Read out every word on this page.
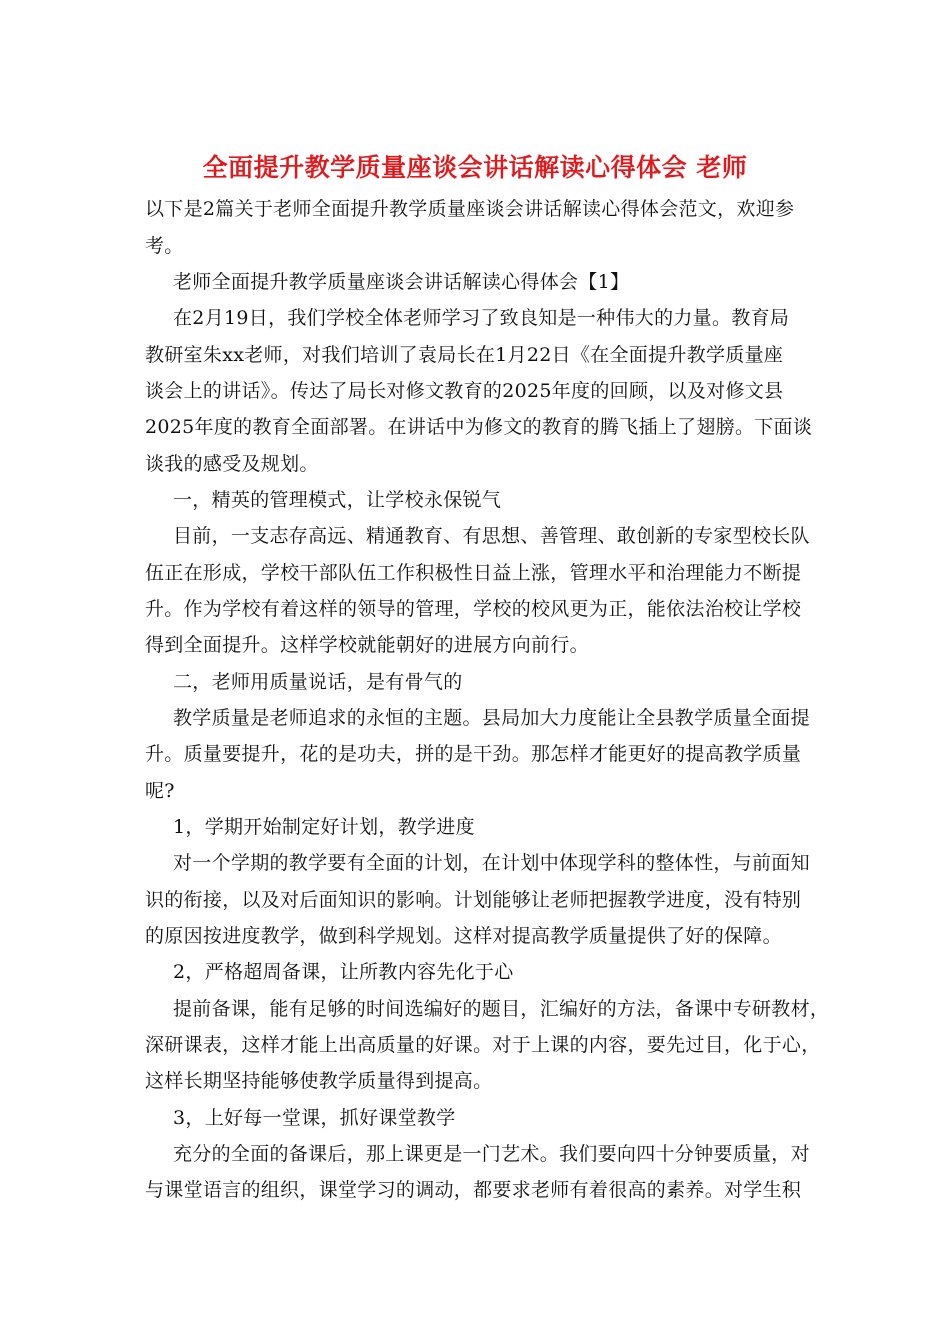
全面提升教学质量座谈会讲话解读心得体会 老师
以下是2篇关于老师全面提升教学质量座谈会讲话解读心得体会范文，欢迎参
考。
老师全面提升教学质量座谈会讲话解读心得体会【1】
在2月19日，我们学校全体老师学习了致良知是一种伟大的力量。教育局
教研室朱xx老师，对我们培训了袁局长在1月22日《在全面提升教学质量座
谈会上的讲话》。传达了局长对修文教育的2025年度的回顾，以及对修文县
2025年度的教育全面部署。在讲话中为修文的教育的腾飞插上了翅膀。下面谈
谈我的感受及规划。
一，精英的管理模式，让学校永保锐气
目前，一支志存高远、精通教育、有思想、善管理、敢创新的专家型校长队
伍正在形成，学校干部队伍工作积极性日益上涨，管理水平和治理能力不断提
升。作为学校有着这样的领导的管理，学校的校风更为正，能依法治校让学校
得到全面提升。这样学校就能朝好的进展方向前行。
二，老师用质量说话，是有骨气的
教学质量是老师追求的永恒的主题。县局加大力度能让全县教学质量全面提
升。质量要提升，花的是功夫，拼的是干劲。那怎样才能更好的提高教学质量
呢?
1，学期开始制定好计划，教学进度
对一个学期的教学要有全面的计划，在计划中体现学科的整体性，与前面知
识的衔接，以及对后面知识的影响。计划能够让老师把握教学进度，没有特别
的原因按进度教学，做到科学规划。这样对提高教学质量提供了好的保障。
2，严格超周备课，让所教内容先化于心
提前备课，能有足够的时间选编好的题目，汇编好的方法，备课中专研教材，
深研课表，这样才能上出高质量的好课。对于上课的内容，要先过目，化于心，
这样长期坚持能够使教学质量得到提高。
3，上好每一堂课，抓好课堂教学
充分的全面的备课后，那上课更是一门艺术。我们要向四十分钟要质量，对
与课堂语言的组织，课堂学习的调动，都要求老师有着很高的素养。对学生积
